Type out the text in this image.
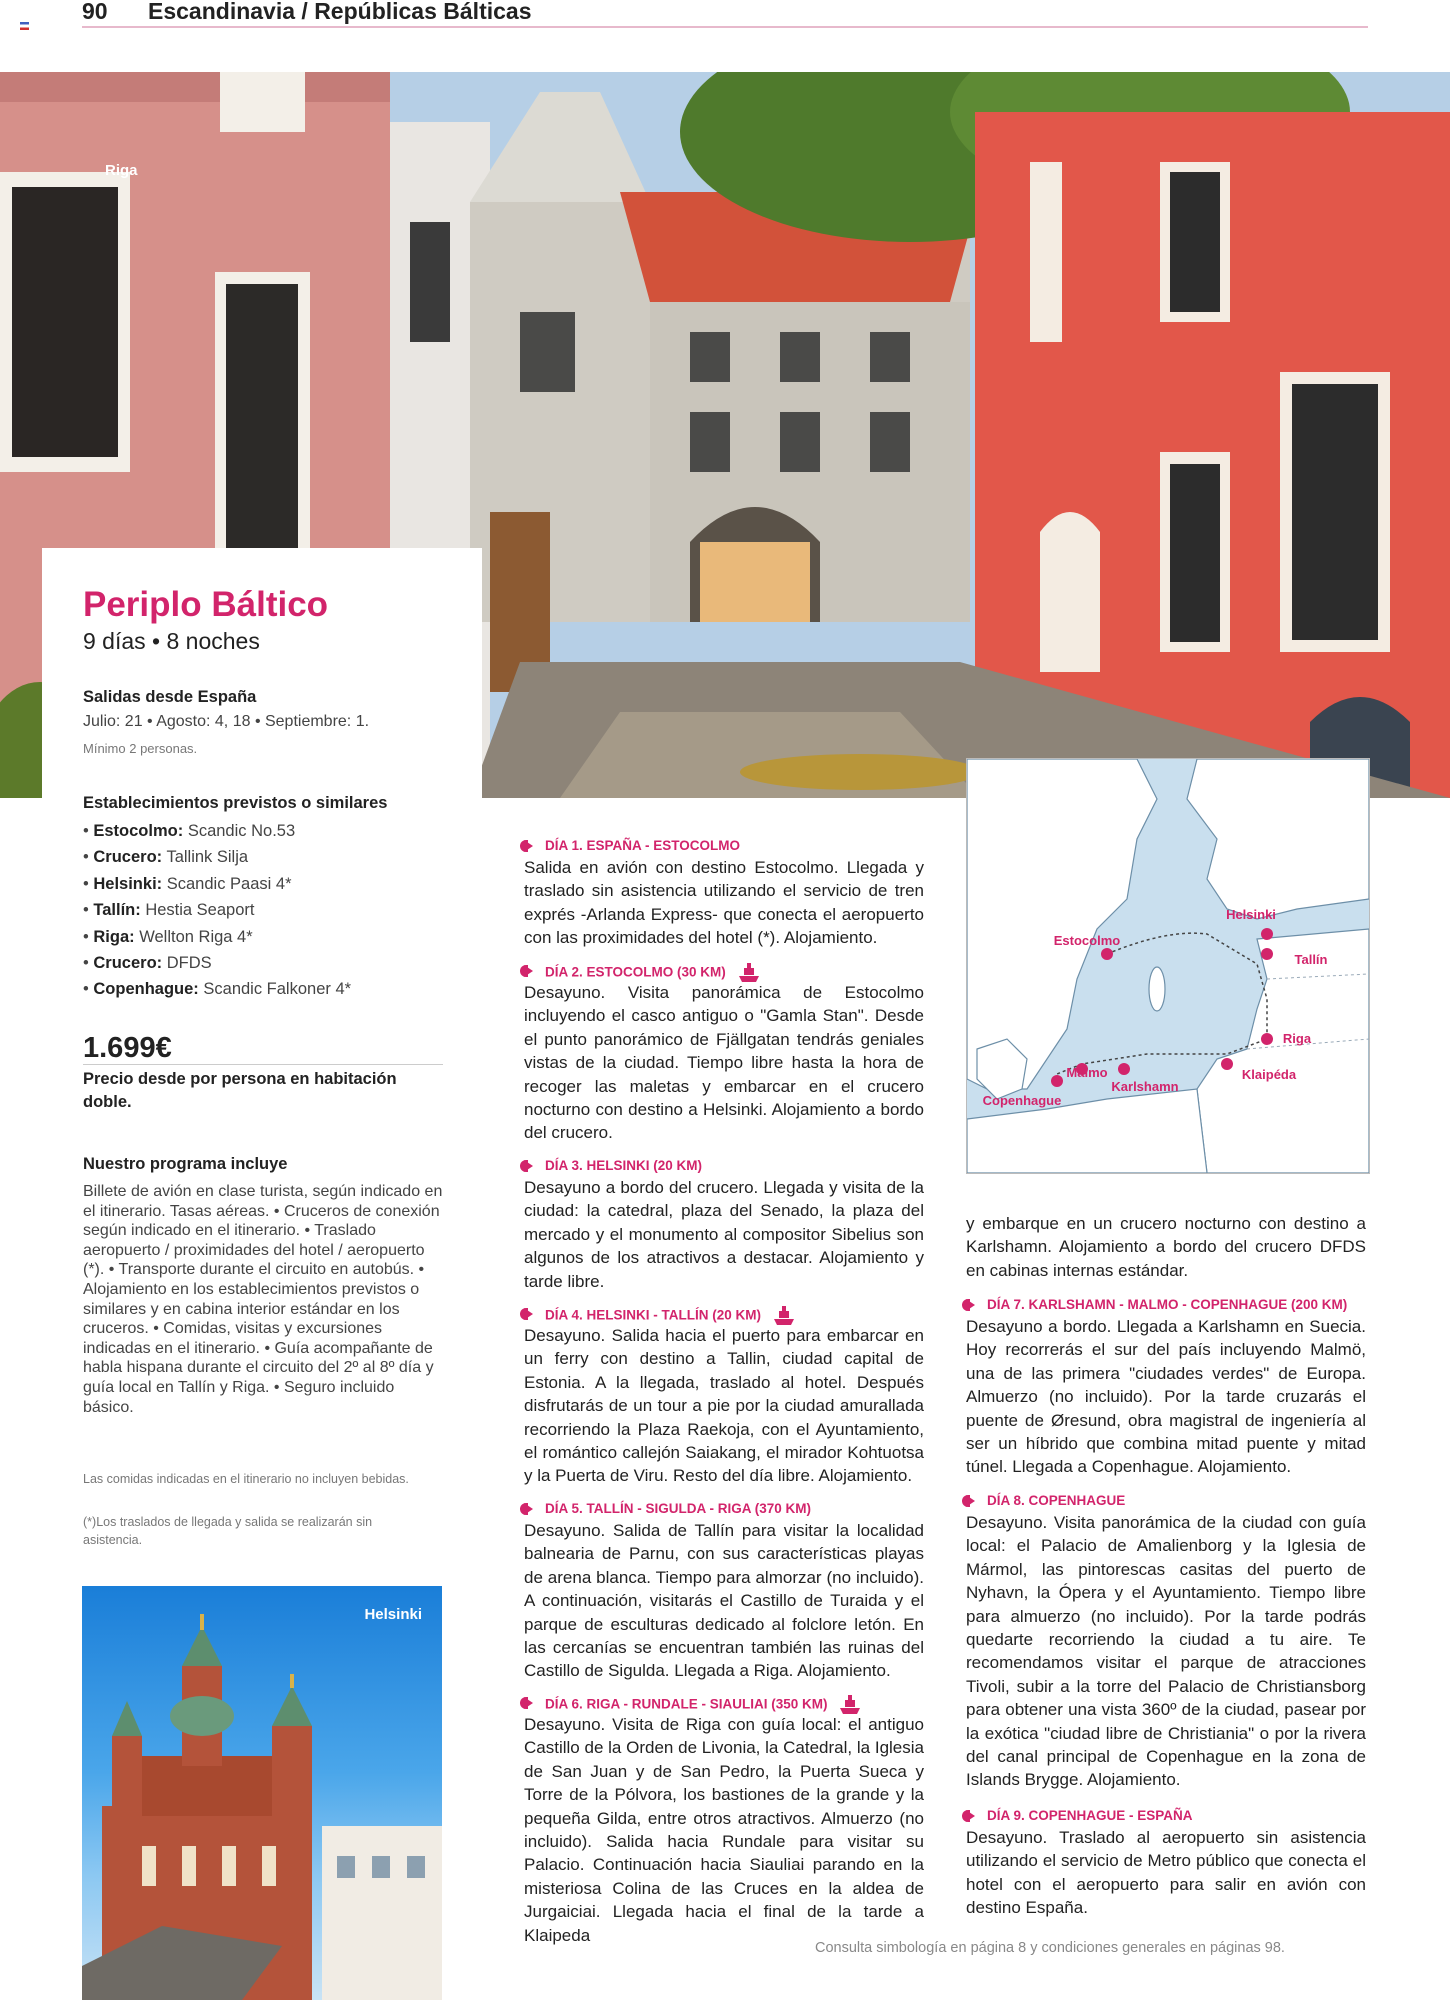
90 Escandinavia / Repúblicas Bálticas
Riga
Periplo Báltico
9 días • 8 noches
Salidas desde España
Julio: 21 • Agosto: 4, 18 • Septiembre: 1.
Mínimo 2 personas.
Establecimientos previstos o similares
• Estocolmo: Scandic No.53
• Crucero: Tallink Silja
• Helsinki: Scandic Paasi 4*
• Tallín: Hestia Seaport
• Riga: Wellton Riga 4*
• Crucero: DFDS
• Copenhague: Scandic Falkoner 4*
1.699€
Precio desde por persona en habitación doble.
Nuestro programa incluye
Billete de avión en clase turista, según indicado en el itinerario. Tasas aéreas. • Cruceros de conexión según indicado en el itinerario. • Traslado aeropuerto / proximidades del hotel / aeropuerto (*). • Transporte durante el circuito en autobús. • Alojamiento en los establecimientos previstos o similares y en cabina interior estándar en los cruceros. • Comidas, visitas y excursiones indicadas en el itinerario. • Guía acompañante de habla hispana durante el circuito del 2º al 8º día y guía local en Tallín y Riga. • Seguro incluido básico.
Las comidas indicadas en el itinerario no incluyen bebidas.
(*)Los traslados de llegada y salida se realizarán sin asistencia.
Helsinki
Estocolmo
Helsinki
Tallín
Riga
Klaipéda
Karlshamn
Malmo
Copenhague
DÍA 1. ESPAÑA - ESTOCOLMO
Salida en avión con destino Estocolmo. Llegada y traslado sin asistencia utilizando el servicio de tren exprés -Arlanda Express- que conecta el aeropuerto con las proximidades del hotel (*). Alojamiento.
DÍA 2. ESTOCOLMO (30 KM)
Desayuno. Visita panorámica de Estocolmo incluyendo el casco antiguo o "Gamla Stan". Desde el punto panorámico de Fjällgatan tendrás geniales vistas de la ciudad. Tiempo libre hasta la hora de recoger las maletas y embarcar en el crucero nocturno con destino a Helsinki. Alojamiento a bordo del crucero.
DÍA 3. HELSINKI (20 KM)
Desayuno a bordo del crucero. Llegada y visita de la ciudad: la catedral, plaza del Senado, la plaza del mercado y el monumento al compositor Sibelius son algunos de los atractivos a destacar. Alojamiento y tarde libre.
DÍA 4. HELSINKI - TALLÍN (20 KM)
Desayuno. Salida hacia el puerto para embarcar en un ferry con destino a Tallin, ciudad capital de Estonia. A la llegada, traslado al hotel. Después disfrutarás de un tour a pie por la ciudad amurallada recorriendo la Plaza Raekoja, con el Ayuntamiento, el romántico callejón Saiakang, el mirador Kohtuotsa y la Puerta de Viru. Resto del día libre. Alojamiento.
DÍA 5. TALLÍN - SIGULDA - RIGA (370 KM)
Desayuno. Salida de Tallín para visitar la localidad balnearia de Parnu, con sus características playas de arena blanca. Tiempo para almorzar (no incluido). A continuación, visitarás el Castillo de Turaida y el parque de esculturas dedicado al folclore letón. En las cercanías se encuentran también las ruinas del Castillo de Sigulda. Llegada a Riga. Alojamiento.
DÍA 6. RIGA - RUNDALE - SIAULIAI (350 KM)
Desayuno. Visita de Riga con guía local: el antiguo Castillo de la Orden de Livonia, la Catedral, la Iglesia de San Juan y de San Pedro, la Puerta Sueca y Torre de la Pólvora, los bastiones de la grande y la pequeña Gilda, entre otros atractivos. Almuerzo (no incluido). Salida hacia Rundale para visitar su Palacio. Continuación hacia Siauliai parando en la misteriosa Colina de las Cruces en la aldea de Jurgaiciai. Llegada hacia el final de la tarde a Klaipeda
y embarque en un crucero nocturno con destino a Karlshamn. Alojamiento a bordo del crucero DFDS en cabinas internas estándar.
DÍA 7. KARLSHAMN - MALMO - COPENHAGUE (200 KM)
Desayuno a bordo. Llegada a Karlshamn en Suecia. Hoy recorrerás el sur del país incluyendo Malmö, una de las primera "ciudades verdes" de Europa. Almuerzo (no incluido). Por la tarde cruzarás el puente de Øresund, obra magistral de ingeniería al ser un híbrido que combina mitad puente y mitad túnel. Llegada a Copenhague. Alojamiento.
DÍA 8. COPENHAGUE
Desayuno. Visita panorámica de la ciudad con guía local: el Palacio de Amalienborg y la Iglesia de Mármol, las pintorescas casitas del puerto de Nyhavn, la Ópera y el Ayuntamiento. Tiempo libre para almuerzo (no incluido). Por la tarde podrás quedarte recorriendo la ciudad a tu aire. Te recomendamos visitar el parque de atracciones Tivoli, subir a la torre del Palacio de Christiansborg para obtener una vista 360º de la ciudad, pasear por la exótica "ciudad libre de Christiania" o por la rivera del canal principal de Copenhague en la zona de Islands Brygge. Alojamiento.
DÍA 9. COPENHAGUE - ESPAÑA
Desayuno. Traslado al aeropuerto sin asistencia utilizando el servicio de Metro público que conecta el hotel con el aeropuerto para salir en avión con destino España.
Consulta simbología en página 8 y condiciones generales en páginas 98.
